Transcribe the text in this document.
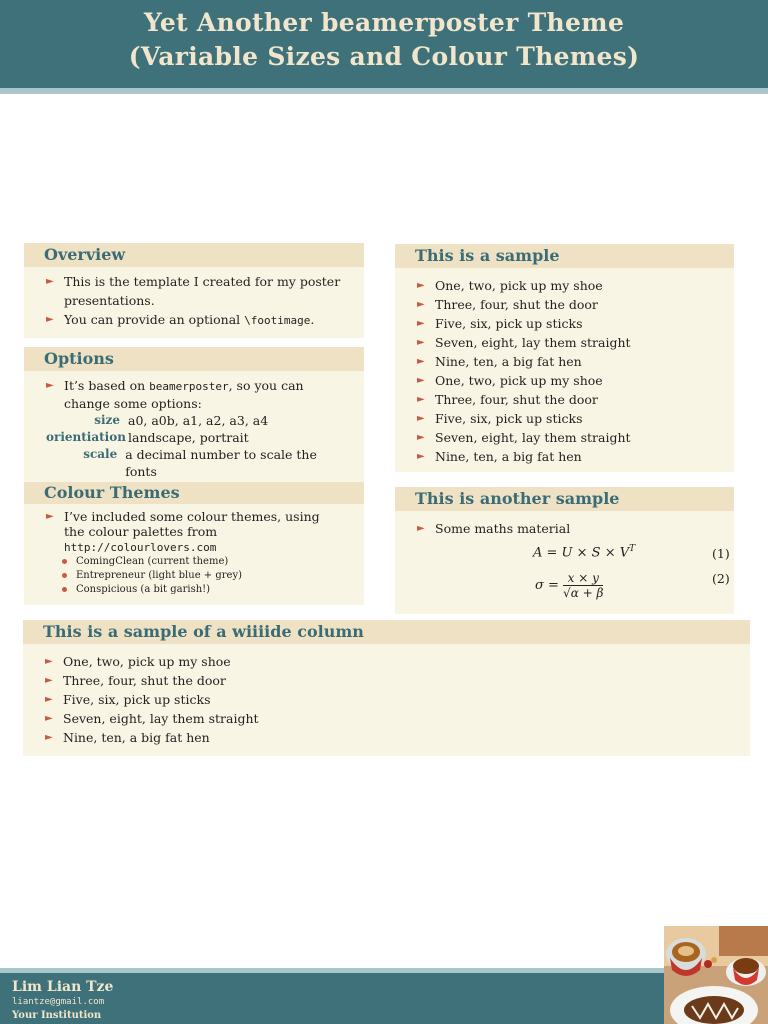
Yet Another beamerposter Theme
(Variable Sizes and Colour Themes)
Overview
► This is the template I created for my poster presentations.
► You can provide an optional \footimage.
Options
► It’s based on beamerposter, so you can change some options:
size a0, a0b, a1, a2, a3, a4
orientiation landscape, portrait
scale a decimal number to scale the fonts
Colour Themes
► I’ve included some colour themes, using the colour palettes from http://colourlovers.com
ComingClean (current theme)
Entrepreneur (light blue + grey)
Conspicious (a bit garish!)
This is a sample
► One, two, pick up my shoe
► Three, four, shut the door
► Five, six, pick up sticks
► Seven, eight, lay them straight
► Nine, ten, a big fat hen
► One, two, pick up my shoe
► Three, four, shut the door
► Five, six, pick up sticks
► Seven, eight, lay them straight
► Nine, ten, a big fat hen
This is another sample
► Some maths material
$A = U \times S \times V^T$	(1)
$\sigma = \frac{x \times y}{√\alpha + \beta}$	(2)
This is a sample of a wiiiide column
► One, two, pick up my shoe
► Three, four, shut the door
► Five, six, pick up sticks
► Seven, eight, lay them straight
► Nine, ten, a big fat hen
Lim Lian Tze
liantze@gmail.com
Your Institution
